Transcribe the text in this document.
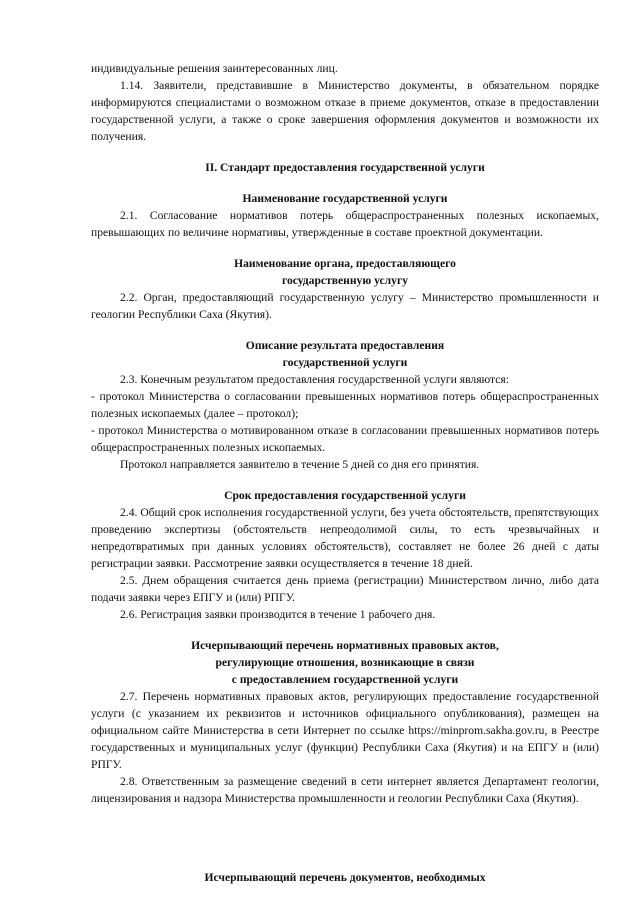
индивидуальные решения заинтересованных лиц.

1.14. Заявители, представившие в Министерство документы, в обязательном порядке информируются специалистами о возможном отказе в приеме документов, отказе в предоставлении государственной услуги, а также о сроке завершения оформления документов и возможности их получения.

II. Стандарт предоставления государственной услуги

Наименование государственной услуги

2.1. Согласование нормативов потерь общераспространенных полезных ископаемых, превышающих по величине нормативы, утвержденные в составе проектной документации.

Наименование органа, предоставляющего

государственную услугу

2.2. Орган, предоставляющий государственную услугу – Министерство промышленности и геологии Республики Саха (Якутия).

Описание результата предоставления

государственной услуги

2.3. Конечным результатом предоставления государственной услуги являются:

- протокол Министерства о согласовании превышенных нормативов потерь общераспространенных полезных ископаемых (далее – протокол);

- протокол Министерства о мотивированном отказе в согласовании превышенных нормативов потерь общераспространенных полезных ископаемых.

Протокол направляется заявителю в течение 5 дней со дня его принятия.

Срок предоставления государственной услуги

2.4. Общий срок исполнения государственной услуги, без учета обстоятельств, препятствующих проведению экспертизы (обстоятельств непреодолимой силы, то есть чрезвычайных и непредотвратимых при данных условиях обстоятельств), составляет не более 26 дней с даты регистрации заявки. Рассмотрение заявки осуществляется в течение 18 дней.

2.5. Днем обращения считается день приема (регистрации) Министерством лично, либо дата подачи заявки через ЕПГУ и (или) РПГУ.

2.6. Регистрация заявки производится в течение 1 рабочего дня.

Исчерпывающий перечень нормативных правовых актов,

регулирующие отношения, возникающие в связи

с предоставлением государственной услуги

2.7. Перечень нормативных правовых актов, регулирующих предоставление государственной услуги (с указанием их реквизитов и источников официального опубликования), размещен на официальном сайте Министерства в сети Интернет по ссылке https://minprom.sakha.gov.ru, в Реестре государственных и муниципальных услуг (функции) Республики Саха (Якутия) и на ЕПГУ и (или) РПГУ.

2.8. Ответственным за размещение сведений в сети интернет является Департамент геологии, лицензирования и надзора Министерства промышленности и геологии Республики Саха (Якутия).

Исчерпывающий перечень документов, необходимых
